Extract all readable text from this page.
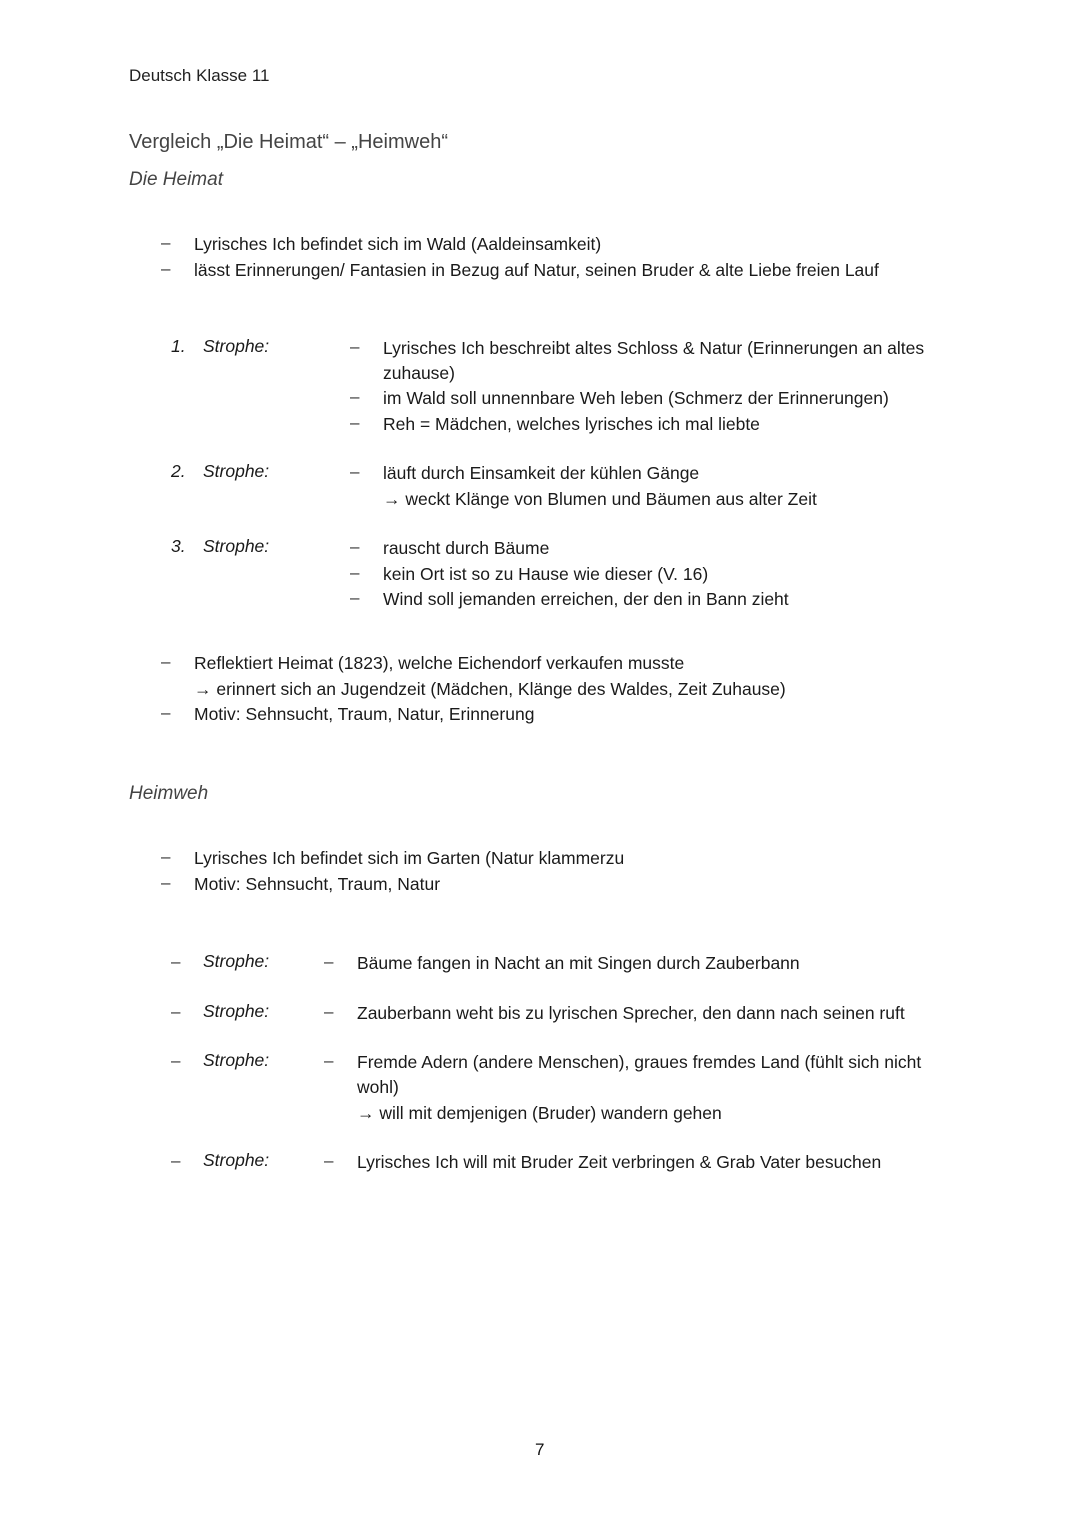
Deutsch Klasse 11
Vergleich „Die Heimat“ – „Heimweh“
Die Heimat
– Lyrisches Ich befindet sich im Wald (Aaldeinsamkeit)
– lässt Erinnerungen/ Fantasien in Bezug auf Natur, seinen Bruder & alte Liebe freien Lauf
1. Strophe:	– Lyrisches Ich beschreibt altes Schloss & Natur (Erinnerungen an altes
zuhause)
– im Wald soll unnennbare Weh leben (Schmerz der Erinnerungen)
– Reh = Mädchen, welches lyrisches ich mal liebte
2. Strophe:	– läuft durch Einsamkeit der kühlen Gänge
→ weckt Klänge von Blumen und Bäumen aus alter Zeit
3. Strophe:	– rauscht durch Bäume
– kein Ort ist so zu Hause wie dieser (V. 16)
– Wind soll jemanden erreichen, der den in Bann zieht
– Reflektiert Heimat (1823), welche Eichendorf verkaufen musste
→ erinnert sich an Jugendzeit (Mädchen, Klänge des Waldes, Zeit Zuhause)
– Motiv: Sehnsucht, Traum, Natur, Erinnerung
Heimweh
– Lyrisches Ich befindet sich im Garten (Natur klammerzu
– Motiv: Sehnsucht, Traum, Natur
– Strophe:	– Bäume fangen in Nacht an mit Singen durch Zauberbann
– Strophe:	– Zauberbann weht bis zu lyrischen Sprecher, den dann nach seinen ruft
– Strophe:	– Fremde Adern (andere Menschen), graues fremdes Land (fühlt sich nicht
wohl)
→ will mit demjenigen (Bruder) wandern gehen
– Strophe:	– Lyrisches Ich will mit Bruder Zeit verbringen & Grab Vater besuchen
7
